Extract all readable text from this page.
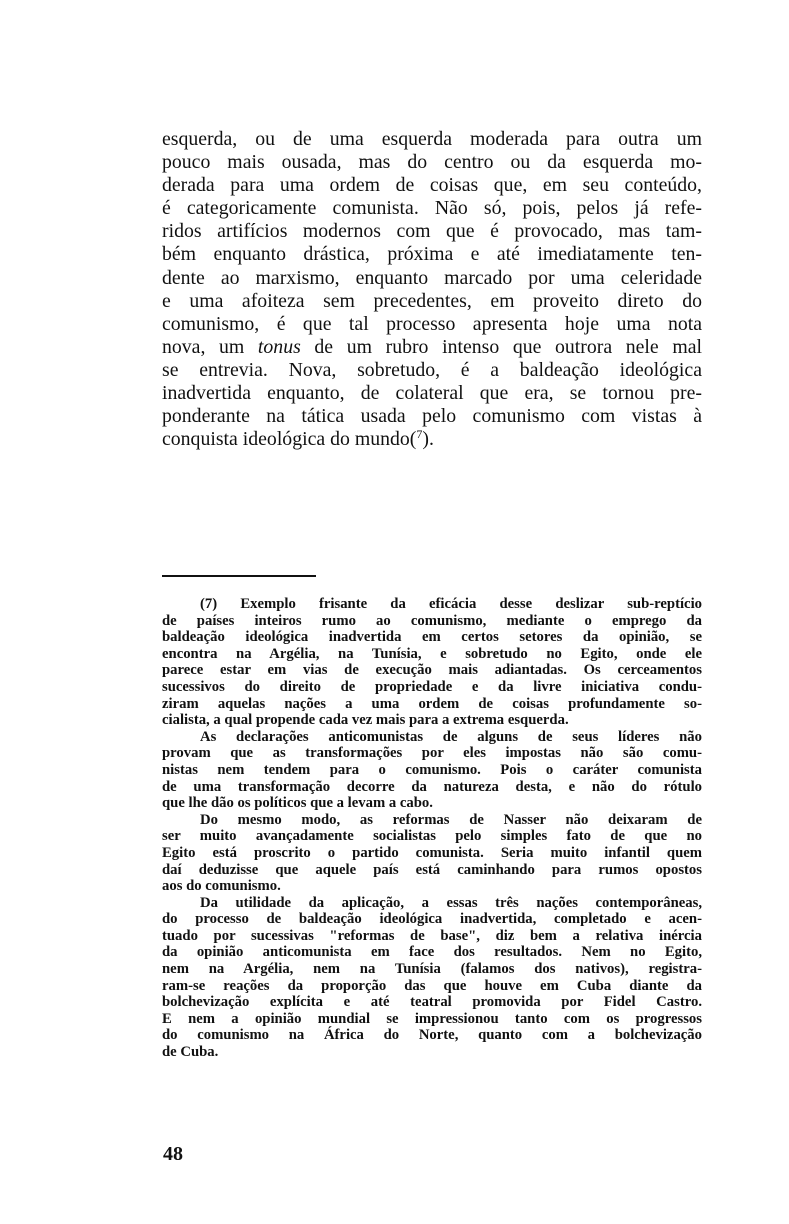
esquerda, ou de uma esquerda moderada para outra um
pouco mais ousada, mas do centro ou da esquerda mo-
derada para uma ordem de coisas que, em seu conteúdo,
é categoricamente comunista. Não só, pois, pelos já refe-
ridos artifícios modernos com que é provocado, mas tam-
bém enquanto drástica, próxima e até imediatamente ten-
dente ao marxismo, enquanto marcado por uma celeridade
e uma afoiteza sem precedentes, em proveito direto do
comunismo, é que tal processo apresenta hoje uma nota
nova, um tonus de um rubro intenso que outrora nele mal
se entrevia. Nova, sobretudo, é a baldeação ideológica
inadvertida enquanto, de colateral que era, se tornou pre-
ponderante na tática usada pelo comunismo com vistas à
conquista ideológica do mundo($^7$).
(7) Exemplo frisante da eficácia desse deslizar sub-reptício
de países inteiros rumo ao comunismo, mediante o emprego da
baldeação ideológica inadvertida em certos setores da opinião, se
encontra na Argélia, na Tunísia, e sobretudo no Egito, onde ele
parece estar em vias de execução mais adiantadas. Os cerceamentos
sucessivos do direito de propriedade e da livre iniciativa condu-
ziram aquelas nações a uma ordem de coisas profundamente so-
cialista, a qual propende cada vez mais para a extrema esquerda.
As declarações anticomunistas de alguns de seus líderes não
provam que as transformações por eles impostas não são comu-
nistas nem tendem para o comunismo. Pois o caráter comunista
de uma transformação decorre da natureza desta, e não do rótulo
que lhe dão os políticos que a levam a cabo.
Do mesmo modo, as reformas de Nasser não deixaram de
ser muito avançadamente socialistas pelo simples fato de que no
Egito está proscrito o partido comunista. Seria muito infantil quem
daí deduzisse que aquele país está caminhando para rumos opostos
aos do comunismo.
Da utilidade da aplicação, a essas três nações contemporâneas,
do processo de baldeação ideológica inadvertida, completado e acen-
tuado por sucessivas "reformas de base", diz bem a relativa inércia
da opinião anticomunista em face dos resultados. Nem no Egito,
nem na Argélia, nem na Tunísia (falamos dos nativos), registra-
ram-se reações da proporção das que houve em Cuba diante da
bolchevização explícita e até teatral promovida por Fidel Castro.
E nem a opinião mundial se impressionou tanto com os progressos
do comunismo na África do Norte, quanto com a bolchevização
de Cuba.
48
